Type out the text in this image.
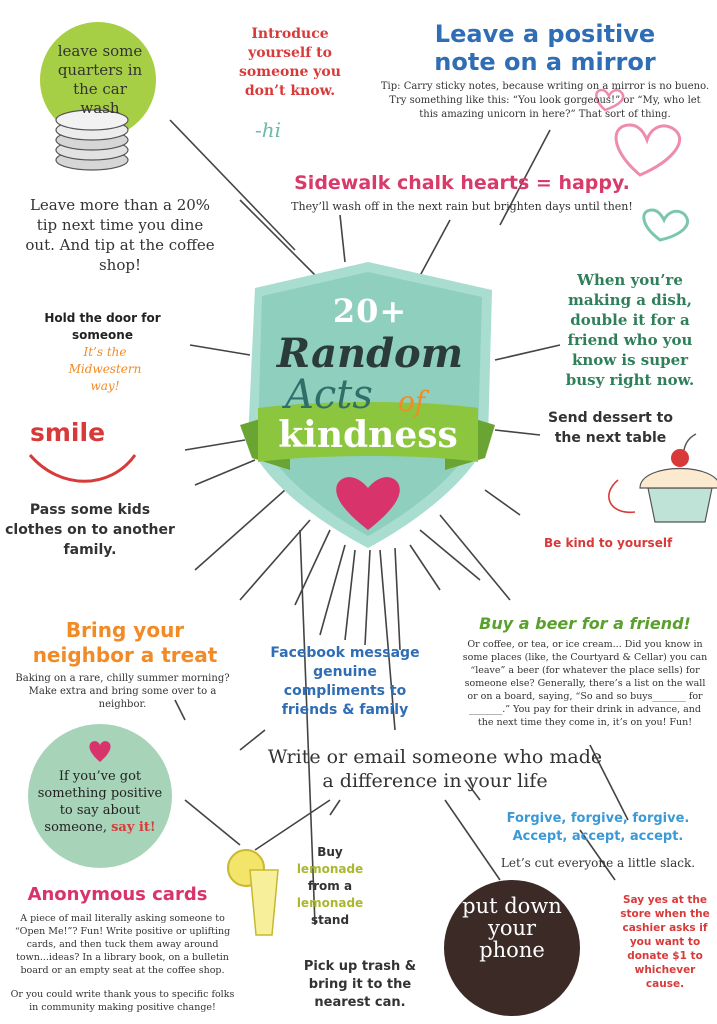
20+
Random
Acts of
kindness
leave some quarters in the car wash
Introduce yourself to someone you don’t know.
-hi
Leave a positive note on a mirror
Tip: Carry sticky notes, because writing on a mirror is no bueno. Try something like this: “You look gorgeous!” or “My, who let this amazing unicorn in here?” That sort of thing.
Leave more than a 20% tip next time you dine out. And tip at the coffee shop!
Sidewalk chalk hearts = happy.
They’ll wash off in the next rain but brighten days until then!
Hold the door for someone
It’s the Midwestern way!
When you’re making a dish, double it for a friend who you know is super busy right now.
smile	Send dessert to the next table
Pass some kids clothes on to another family.	Be kind to yourself
Bring your neighbor a treat
Baking on a rare, chilly summer morning? Make extra and bring some over to a neighbor.
Facebook message genuine compliments to friends & family
Buy a beer for a friend!
Or coffee, or tea, or ice cream... Did you know in some places (like, the Courtyard & Cellar) you can “leave” a beer (for whatever the place sells) for someone else? Generally, there’s a list on the wall or on a board, saying, “So and so buys_______ for _______.” You pay for their drink in advance, and the next time they come in, it’s on you! Fun!
If you’ve got something positive to say about someone, say it!
Write or email someone who made a difference in your life
Forgive, forgive, forgive. Accept, accept, accept.
Let’s cut everyone a little slack.
Buy lemonade from a lemonade stand
Anonymous cards
A piece of mail literally asking someone to “Open Me!”? Fun! Write positive or uplifting cards, and then tuck them away around town...ideas? In a library book, on a bulletin board or an empty seat at the coffee shop.
Or you could write thank yous to specific folks in community making positive change!
Pick up trash & bring it to the nearest can.
put down your phone
Say yes at the store when the cashier asks if you want to donate $1 to whichever cause.
